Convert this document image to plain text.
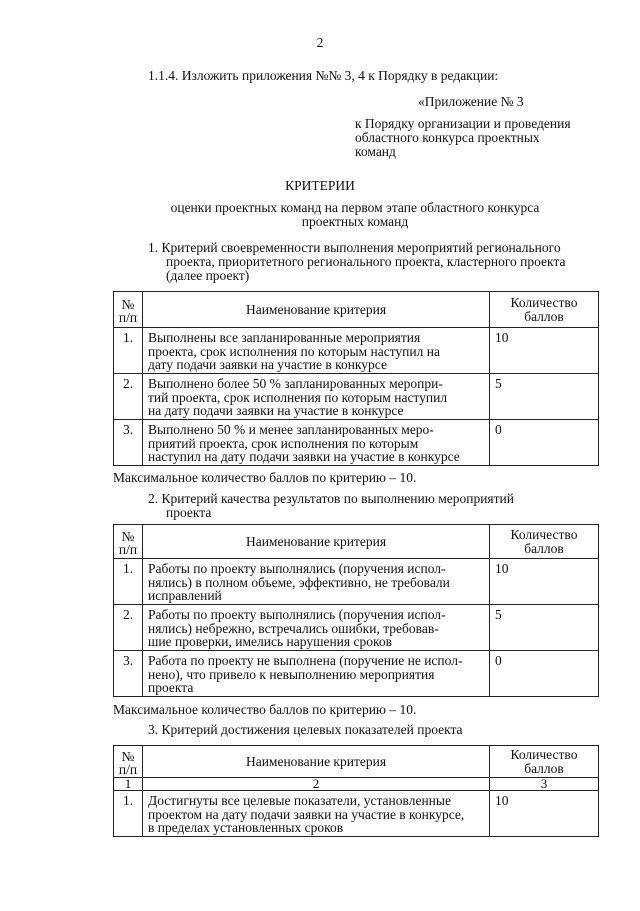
2
1.1.4. Изложить приложения №№ 3, 4 к Порядку в редакции:
«Приложение № 3
к Порядку организации и проведения
областного конкурса проектных
команд
КРИТЕРИИ
оценки проектных команд на первом этапе областного конкурса
проектных команд
1. Критерий своевременности выполнения мероприятий регионального
проекта, приоритетного регионального проекта, кластерного проекта
(далее проект)
№
п/п	Наименование критерия	Количество
баллов
1.	Выполнены все запланированные мероприятия
проекта, срок исполнения по которым наступил на
дату подачи заявки на участие в конкурсе	10
2.	Выполнено более 50 % запланированных меропри-
тий проекта, срок исполнения по которым наступил
на дату подачи заявки на участие в конкурсе	5
3.	Выполнено 50 % и менее запланированных меро-
приятий проекта, срок исполнения по которым
наступил на дату подачи заявки на участие в конкурсе	0
Максимальное количество баллов по критерию – 10.
2. Критерий качества результатов по выполнению мероприятий
проекта
№
п/п	Наименование критерия	Количество
баллов
1.	Работы по проекту выполнялись (поручения испол-
нялись) в полном объеме, эффективно, не требовали
исправлений	10
2.	Работы по проекту выполнялись (поручения испол-
нялись) небрежно, встречались ошибки, требовав-
шие проверки, имелись нарушения сроков	5
3.	Работа по проекту не выполнена (поручение не испол-
нено), что привело к невыполнению мероприятия
проекта	0
Максимальное количество баллов по критерию – 10.
3. Критерий достижения целевых показателей проекта
№
п/п	Наименование критерия	Количество
баллов
1	2	3
1.	Достигнуты все целевые показатели, установленные
проектом на дату подачи заявки на участие в конкурсе,
в пределах установленных сроков	10
